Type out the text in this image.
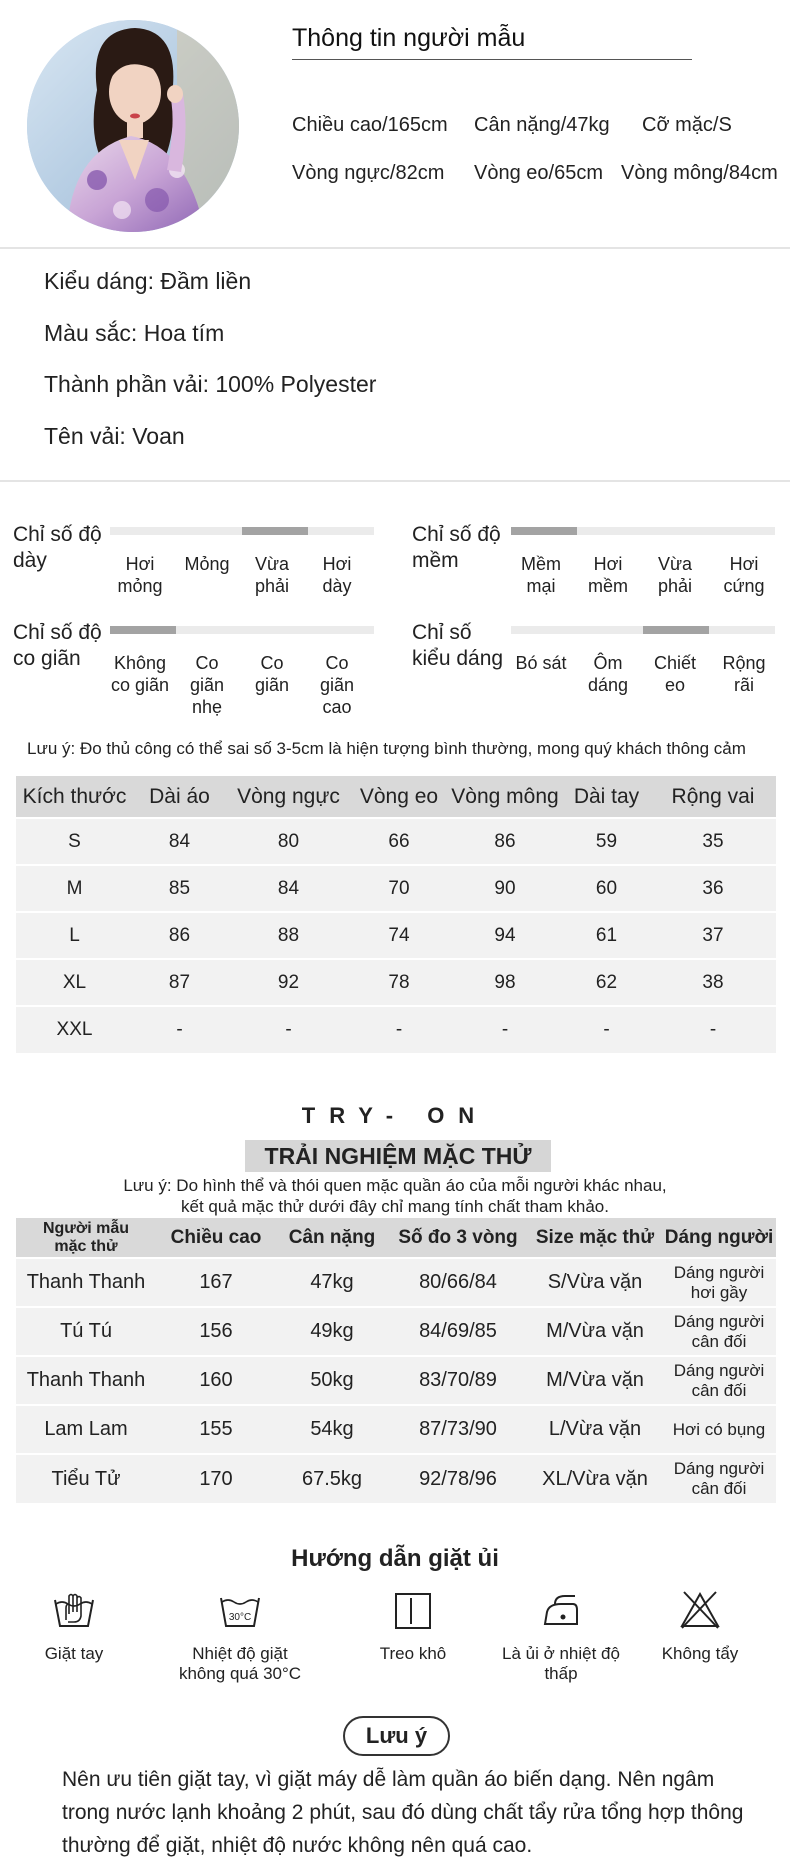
Thông tin người mẫu
Chiều cao/165cm Cân nặng/47kg Cỡ mặc/S
Vòng ngực/82cm Vòng eo/65cm Vòng mông/84cm
Kiểu dáng: Đầm liền
Màu sắc: Hoa tím
Thành phần vải: 100% Polyester
Tên vải: Voan
Chỉ số độ dày	Hơi mỏng
Mỏng	Vừa phải
Hơi dày
Chỉ số độ mềm	Mềm mại
Hơi mềm
Vừa phải
Hơi cứng
Chỉ số độ co giãn	Không co giãn
Co giãn nhẹ
Co giãn
Co giãn cao
Chỉ số kiểu dáng Bó sát	Ôm dáng
Chiết eo
Rộng rãi
Lưu ý: Đo thủ công có thể sai số 3-5cm là hiện tượng bình thường, mong quý khách thông cảm
Kích thước	Dài áo	Vòng ngực	Vòng eo	Vòng mông	Dài tay	Rộng vai
S	84	80	66	86	59	35
M	85	84	70	90	60	36
L	86	88	74	94	61	37
XL	87	92	78	98	62	38
XXL	-	-	-	-	-	-
TRY- ON
TRẢI NGHIỆM MẶC THỬ
Lưu ý: Do hình thể và thói quen mặc quần áo của mỗi người khác nhau,
kết quả mặc thử dưới đây chỉ mang tính chất tham khảo.
Người mẫu mặc thử	Chiều cao	Cân nặng	Số đo 3 vòng	Size mặc thử	Dáng người
Thanh Thanh	167	47kg	80/66/84	S/Vừa vặn	Dáng người hơi gầy
Tú Tú	156	49kg	84/69/85	M/Vừa vặn	Dáng người cân đối
Thanh Thanh	160	50kg	83/70/89	M/Vừa vặn	Dáng người cân đối
Lam Lam	155	54kg	87/73/90	L/Vừa vặn	Hơi có bụng
Tiểu Tử	170	67.5kg	92/78/96	XL/Vừa vặn	Dáng người cân đối
Hướng dẫn giặt ủi
Giặt tay
30°C
Nhiệt độ giặt không quá 30°C
Treo khô	Là ủi ở nhiệt độ thấp
Không tẩy
Lưu ý
Nên ưu tiên giặt tay, vì giặt máy dễ làm quần áo biến dạng. Nên ngâm trong nước lạnh khoảng 2 phút, sau đó dùng chất tẩy rửa tổng hợp thông thường để giặt, nhiệt độ nước không nên quá cao.
